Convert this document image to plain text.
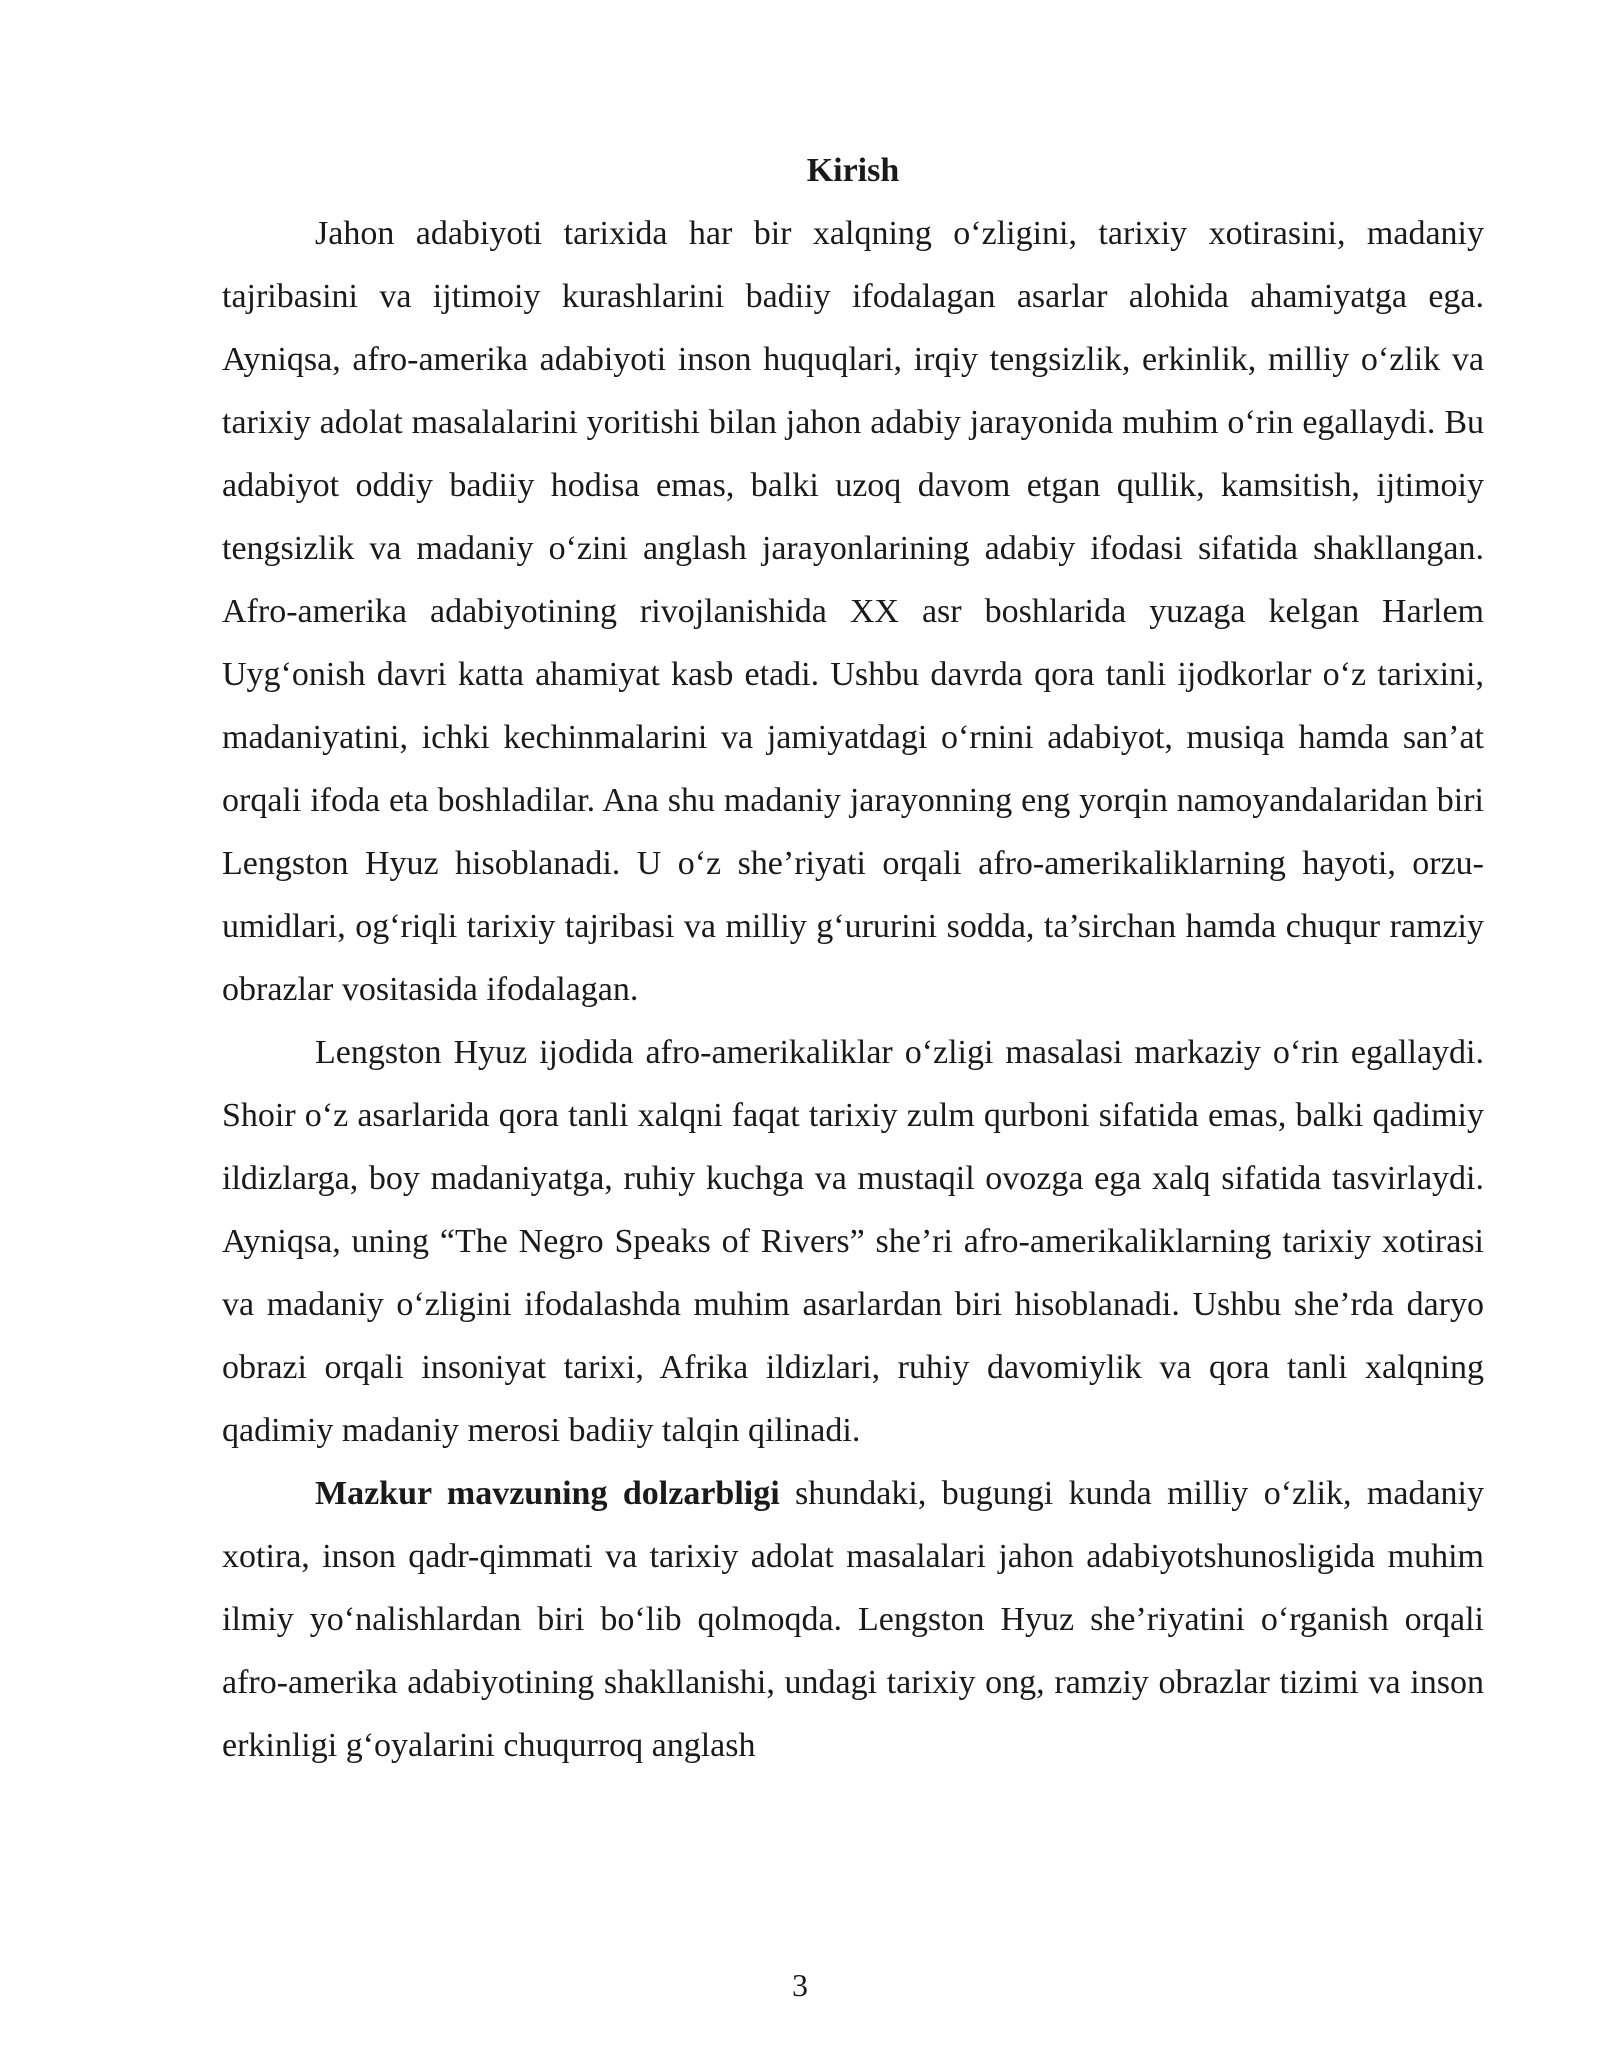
Kirish

Jahon adabiyoti tarixida har bir xalqning o‘zligini, tarixiy xotirasini, madaniy tajribasini va ijtimoiy kurashlarini badiiy ifodalagan asarlar alohida ahamiyatga ega. Ayniqsa, afro-amerika adabiyoti inson huquqlari, irqiy tengsizlik, erkinlik, milliy o‘zlik va tarixiy adolat masalalarini yoritishi bilan jahon adabiy jarayonida muhim o‘rin egallaydi. Bu adabiyot oddiy badiiy hodisa emas, balki uzoq davom etgan qullik, kamsitish, ijtimoiy tengsizlik va madaniy o‘zini anglash jarayonlarining adabiy ifodasi sifatida shakllangan. Afro-amerika adabiyotining rivojlanishida XX asr boshlarida yuzaga kelgan Harlem Uyg‘onish davri katta ahamiyat kasb etadi. Ushbu davrda qora tanli ijodkorlar o‘z tarixini, madaniyatini, ichki kechinmalarini va jamiyatdagi o‘rnini adabiyot, musiqa hamda san’at orqali ifoda eta boshladilar. Ana shu madaniy jarayonning eng yorqin namoyandalaridan biri Lengston Hyuz hisoblanadi. U o‘z she’riyati orqali afro-amerikaliklarning hayoti, orzu-umidlari, og‘riqli tarixiy tajribasi va milliy g‘ururini sodda, ta’sirchan hamda chuqur ramziy obrazlar vositasida ifodalagan.

Lengston Hyuz ijodida afro-amerikaliklar o‘zligi masalasi markaziy o‘rin egallaydi. Shoir o‘z asarlarida qora tanli xalqni faqat tarixiy zulm qurboni sifatida emas, balki qadimiy ildizlarga, boy madaniyatga, ruhiy kuchga va mustaqil ovozga ega xalq sifatida tasvirlaydi. Ayniqsa, uning “The Negro Speaks of Rivers” she’ri afro-amerikaliklarning tarixiy xotirasi va madaniy o‘zligini ifodalashda muhim asarlardan biri hisoblanadi. Ushbu she’rda daryo obrazi orqali insoniyat tarixi, Afrika ildizlari, ruhiy davomiylik va qora tanli xalqning qadimiy madaniy merosi badiiy talqin qilinadi.

Mazkur mavzuning dolzarbligi shundaki, bugungi kunda milliy o‘zlik, madaniy xotira, inson qadr-qimmati va tarixiy adolat masalalari jahon adabiyotshunosligida muhim ilmiy yo‘nalishlardan biri bo‘lib qolmoqda. Lengston Hyuz she’riyatini o‘rganish orqali afro-amerika adabiyotining shakllanishi, undagi tarixiy ong, ramziy obrazlar tizimi va inson erkinligi g‘oyalarini chuqurroq anglash

3
